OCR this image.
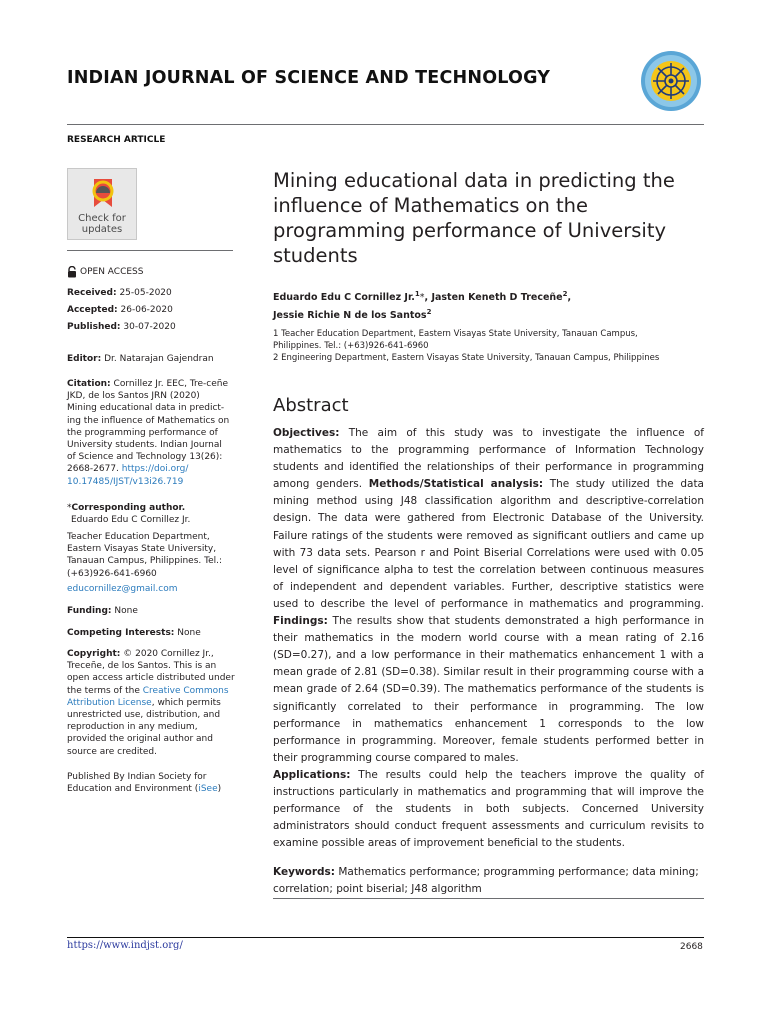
INDIAN JOURNAL OF SCIENCE AND TECHNOLOGY
RESEARCH ARTICLE
Check for
updates
OPEN ACCESS
Received: 25-05-2020
Accepted: 26-06-2020
Published: 30-07-2020
Editor: Dr. Natarajan Gajendran
Citation: Cornillez Jr. EEC, Tre-ceñe JKD, de los Santos JRN (2020) Mining educational data in predict-ing the influence of Mathematics on the programming performance of University students. Indian Journal of Science and Technology 13(26): 2668-2677. https://doi.org/ 10.17485/IJST/v13i26.719
*Corresponding author.
Eduardo Edu C Cornillez Jr.
Teacher Education Department, Eastern Visayas State University, Tanauan Campus, Philippines. Tel.: (+63)926-641-6960
educornillez@gmail.com
Funding: None
Competing Interests: None
Copyright: © 2020 Cornillez Jr., Treceñe, de los Santos. This is an open access article distributed under the terms of the Creative Commons Attribution License, which permits unrestricted use, distribution, and reproduction in any medium, provided the original author and source are credited.
Published By Indian Society for Education and Environment (iSee)
Mining educational data in predicting the influence of Mathematics on the programming performance of University students
Eduardo Edu C Cornillez Jr.$^1$*, Jasten Keneth D Treceñe$^2$,
Jessie Richie N de los Santos$^2$
1 Teacher Education Department, Eastern Visayas State University, Tanauan Campus, Philippines. Tel.: (+63)926-641-6960
2 Engineering Department, Eastern Visayas State University, Tanauan Campus, Philippines
Abstract
Objectives: The aim of this study was to investigate the influence of mathematics to the programming performance of Information Technology students and identified the relationships of their performance in programming among genders. Methods/Statistical analysis: The study utilized the data mining method using J48 classification algorithm and descriptive-correlation design. The data were gathered from Electronic Database of the University. Failure ratings of the students were removed as significant outliers and came up with 73 data sets. Pearson r and Point Biserial Correlations were used with 0.05 level of significance alpha to test the correlation between continuous measures of independent and dependent variables. Further, descriptive statistics were used to describe the level of performance in mathematics and programming. Findings: The results show that students demonstrated a high performance in their mathematics in the modern world course with a mean rating of 2.16 (SD=0.27), and a low performance in their mathematics enhancement 1 with a mean grade of 2.81 (SD=0.38). Similar result in their programming course with a mean grade of 2.64 (SD=0.39). The mathematics performance of the students is significantly correlated to their performance in programming. The low performance in mathematics enhancement 1 corresponds to the low performance in programming. Moreover, female students performed better in their programming course compared to males.
Applications: The results could help the teachers improve the quality of instructions particularly in mathematics and programming that will improve the performance of the students in both subjects. Concerned University administrators should conduct frequent assessments and curriculum revisits to examine possible areas of improvement beneficial to the students.
Keywords: Mathematics performance; programming performance; data mining; correlation; point biserial; J48 algorithm
https://www.indjst.org/	2668
